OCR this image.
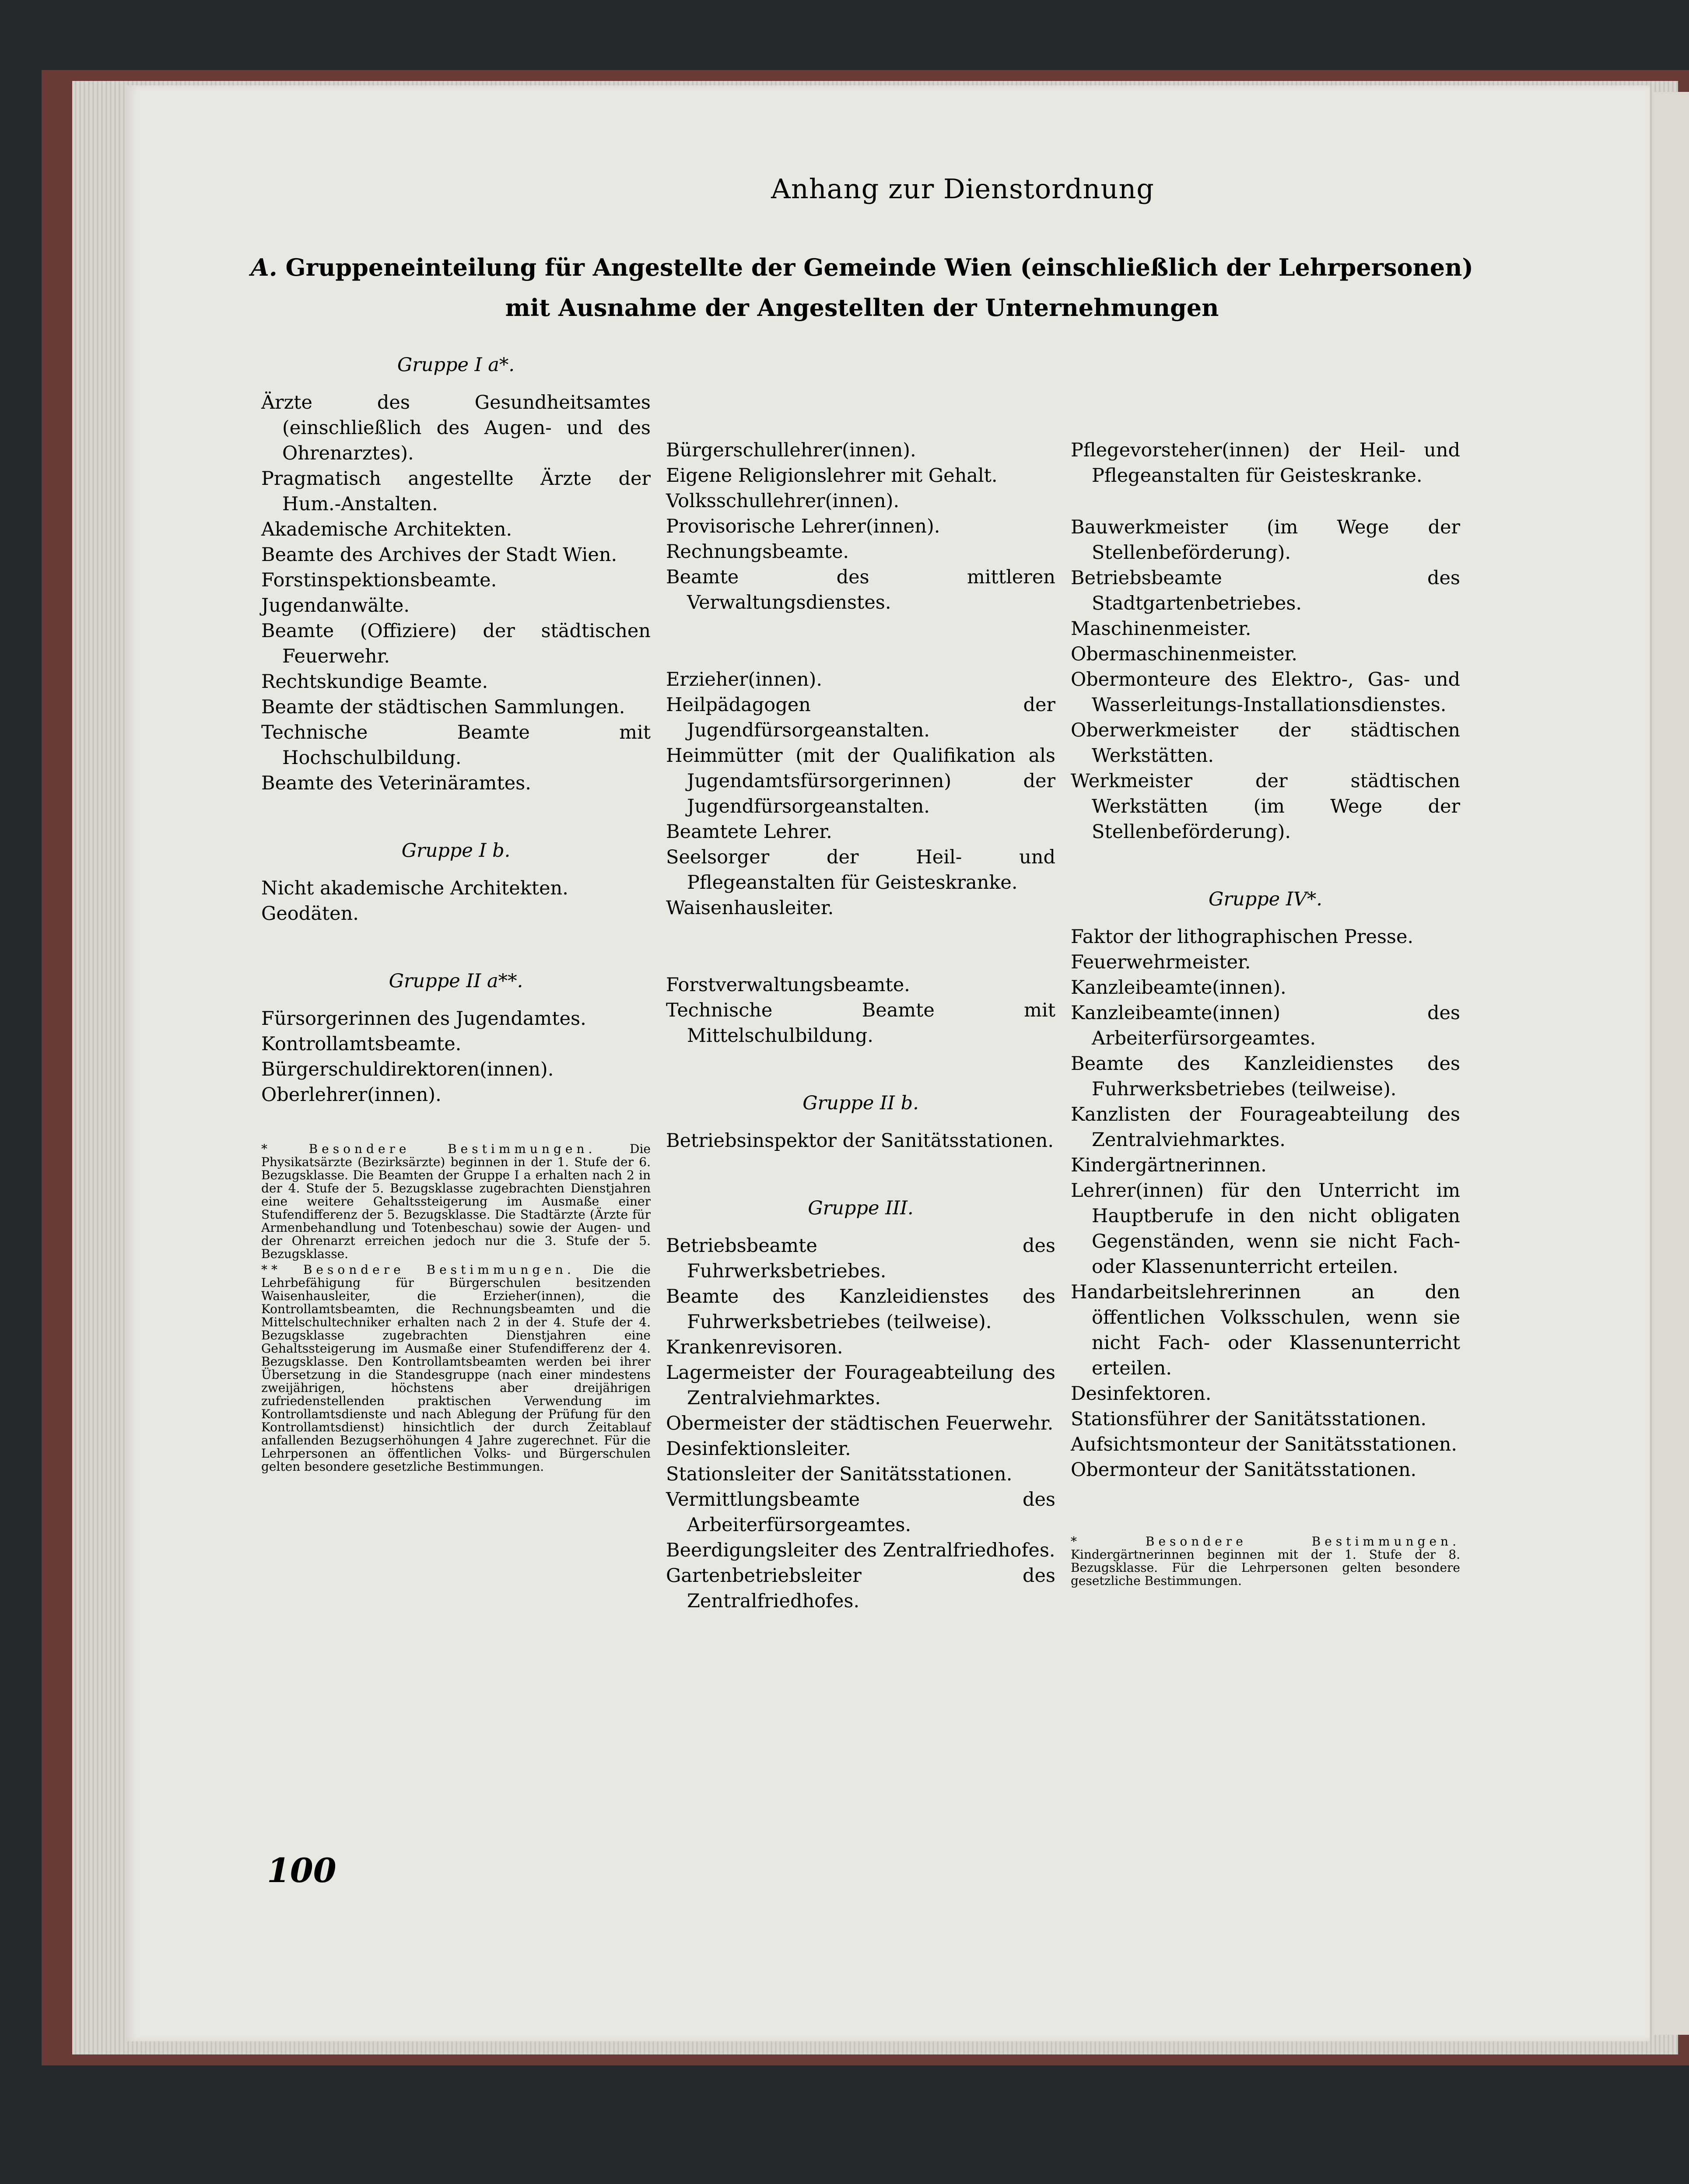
Anhang zur Dienstordnung
A. Gruppeneinteilung für Angestellte der Gemeinde Wien (einschließlich der Lehrpersonen)
mit Ausnahme der Angestellten der Unternehmungen

Gruppe I a*.

Ärzte des Gesundheitsamtes (einschließlich des Augen- und des Ohrenarztes).
Pragmatisch angestellte Ärzte der Hum.-Anstalten.
Akademische Architekten.
Beamte des Archives der Stadt Wien.
Forstinspektionsbeamte.
Jugendanwälte.
Beamte (Offiziere) der städtischen Feuerwehr.
Rechtskundige Beamte.
Beamte der städtischen Sammlungen.
Technische Beamte mit Hochschulbildung.
Beamte des Veterinäramtes.

Gruppe I b.

Nicht akademische Architekten.
Geodäten.

Gruppe II a**.

Fürsorgerinnen des Jugendamtes.
Kontrollamtsbeamte.
Bürgerschuldirektoren(innen).
Oberlehrer(innen).

* Besondere Bestimmungen.	Die Physikatsärzte (Bezirksärzte) beginnen in der 1. Stufe der 6. Bezugsklasse. Die Beamten der Gruppe I a erhalten nach 2 in der 4. Stufe der 5. Bezugsklasse zugebrachten Dienstjahren eine weitere Gehaltssteigerung im Ausmaße einer Stufendifferenz der 5. Bezugsklasse. Die Stadtärzte (Ärzte für Armenbehandlung und Totenbeschau) sowie der Augen- und der Ohrenarzt erreichen jedoch nur die 3. Stufe der 5. Bezugsklasse.

** Besondere Bestimmungen. Die die Lehrbefähigung für Bürgerschulen besitzenden Waisenhausleiter, die Erzieher(innen), die Kontrollamtsbeamten, die Rechnungsbeamten und die Mittelschultechniker erhalten nach 2 in der 4. Stufe der 4. Bezugsklasse zugebrachten Dienstjahren eine Gehaltssteigerung im Ausmaße einer Stufendifferenz der 4. Bezugsklasse. Den Kontrollamtsbeamten werden bei ihrer Übersetzung in die Standesgruppe (nach einer mindestens zweijährigen, höchstens aber dreijährigen zufriedenstellenden praktischen Verwendung im Kontrollamtsdienste und nach Ablegung der Prüfung für den Kontrollamtsdienst) hinsichtlich der durch Zeitablauf anfallenden Bezugserhöhungen 4 Jahre zugerechnet. Für die Lehrpersonen an öffentlichen Volks- und Bürgerschulen gelten besondere gesetzliche Bestimmungen.

Bürgerschullehrer(innen).
Eigene Religionslehrer mit Gehalt.
Volksschullehrer(innen).
Provisorische Lehrer(innen).
Rechnungsbeamte.
Beamte des mittleren Verwaltungsdienstes.
Erzieher(innen).
Heilpädagogen der Jugendfürsorgeanstalten.
Heimmütter (mit der Qualifikation als Jugendamtsfürsorgerinnen) der Jugendfürsorgeanstalten.
Beamtete Lehrer.
Seelsorger der Heil- und Pflegeanstalten für Geisteskranke.
Waisenhausleiter.
Forstverwaltungsbeamte.
Technische Beamte mit Mittelschulbildung.

Gruppe II b.

Betriebsinspektor der Sanitätsstationen.

Gruppe III.

Betriebsbeamte des Fuhrwerksbetriebes.
Beamte des Kanzleidienstes des Fuhrwerksbetriebes (teilweise).
Krankenrevisoren.
Lagermeister der Fourageabteilung des Zentralviehmarktes.
Obermeister der städtischen Feuerwehr.
Desinfektionsleiter.
Stationsleiter der Sanitätsstationen.
Vermittlungsbeamte des Arbeiterfürsorgeamtes.
Beerdigungsleiter des Zentralfriedhofes.
Gartenbetriebsleiter des Zentralfriedhofes.
Pflegevorsteher(innen) der Heil- und Pflegeanstalten für Geisteskranke.
Bauwerkmeister (im Wege der Stellenbeförderung).
Betriebsbeamte des Stadtgartenbetriebes.
Maschinenmeister.
Obermaschinenmeister.
Obermonteure des Elektro-, Gas- und Wasserleitungs-Installationsdienstes.
Oberwerkmeister der städtischen Werkstätten.
Werkmeister der städtischen Werkstätten (im Wege der Stellenbeförderung).

Gruppe IV*.

Faktor der lithographischen Presse.
Feuerwehrmeister.
Kanzleibeamte(innen).
Kanzleibeamte(innen) des Arbeiterfürsorgeamtes.
Beamte des Kanzleidienstes des Fuhrwerksbetriebes (teilweise).
Kanzlisten der Fourageabteilung des Zentralviehmarktes.
Kindergärtnerinnen.
Lehrer(innen) für den Unterricht im Hauptberufe in den nicht obligaten Gegenständen, wenn sie nicht Fach- oder Klassenunterricht erteilen.
Handarbeitslehrerinnen an den öffentlichen Volksschulen, wenn sie nicht Fach- oder Klassenunterricht erteilen.
Desinfektoren.
Stationsführer der Sanitätsstationen.
Aufsichtsmonteur der Sanitätsstationen.
Obermonteur der Sanitätsstationen.

* Besondere Bestimmungen. Kindergärtnerinnen beginnen mit der 1. Stufe der 8. Bezugsklasse. Für die Lehrpersonen gelten besondere gesetzliche Bestimmungen.

100
